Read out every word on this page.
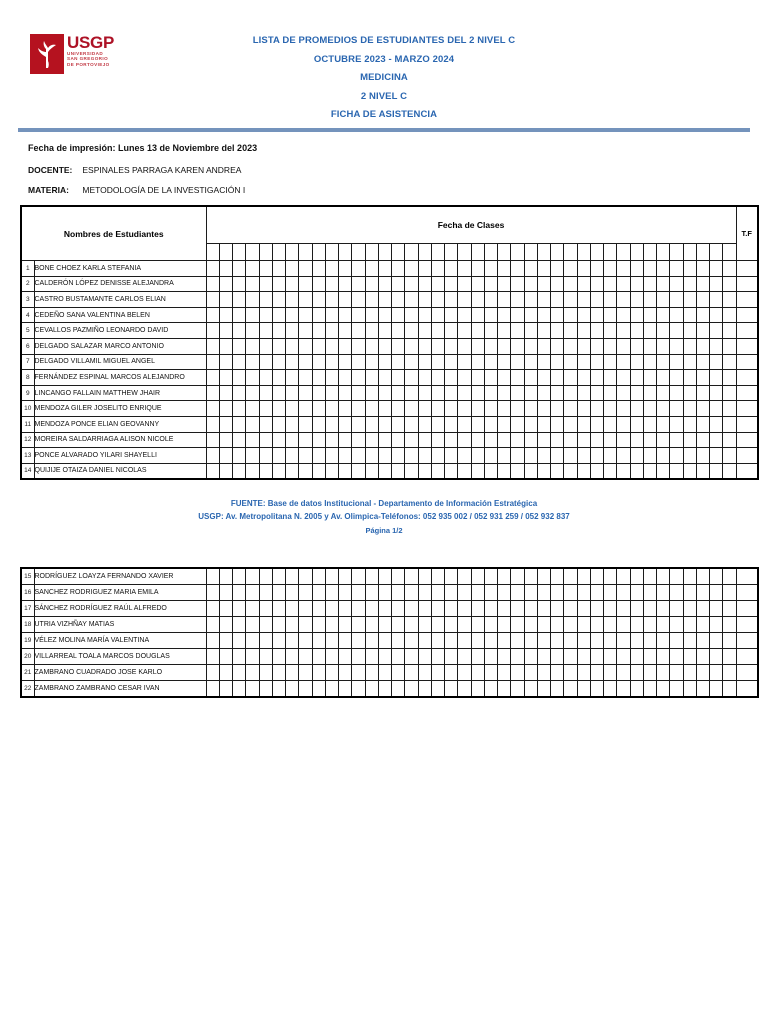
USGP
UNIVERSIDAD
SAN GREGORIO
DE PORTOVIEJO
LISTA DE PROMEDIOS DE ESTUDIANTES DEL 2 NIVEL C
OCTUBRE 2023 - MARZO 2024
MEDICINA
2 NIVEL C
FICHA DE ASISTENCIA
Fecha de impresión: Lunes 13 de Noviembre del 2023
DOCENTE: ESPINALES PARRAGA KAREN ANDREA
MATERIA: METODOLOGÍA DE LA INVESTIGACIÓN I
Nombres de Estudiantes		Fecha de Clases																																								T.F

1	BONE CHOEZ KARLA STEFANIA																																									
2	CALDERÓN LÓPEZ DENISSE ALEJANDRA																																									
3	CASTRO BUSTAMANTE CARLOS ELIAN																																									
4	CEDEÑO SANA VALENTINA BELEN																																									
5	CEVALLOS PAZMIÑO LEONARDO DAVID																																									
6	DELGADO SALAZAR MARCO ANTONIO																																									
7	DELGADO VILLAMIL MIGUEL ANGEL																																									
8	FERNÁNDEZ ESPINAL MARCOS ALEJANDRO																																									
9	LINCANGO FALLAIN MATTHEW JHAIR																																									
10	MENDOZA GILER JOSELITO ENRIQUE																																									
11	MENDOZA PONCE ELIAN GEOVANNY																																									
12	MOREIRA SALDARRIAGA ALISON NICOLE																																									
13	PONCE ALVARADO YILARI SHAYELLI																																									
14	QUIJIJE OTAIZA DANIEL NICOLAS																																									
FUENTE: Base de datos Institucional - Departamento de Información Estratégica
USGP: Av. Metropolitana N. 2005 y Av. Olimpica-Teléfonos: 052 935 002 / 052 931 259 / 052 932 837
Página 1/2
15	RODRÍGUEZ LOAYZA FERNANDO XAVIER																																									
16	SANCHEZ RODRIGUEZ MARIA EMILA																																									
17	SÁNCHEZ RODRÍGUEZ RAÚL ALFREDO																																									
18	UTRIA VIZHÑAY MATIAS																																									
19	VÉLEZ MOLINA MARÍA VALENTINA																																									
20	VILLARREAL TOALA MARCOS DOUGLAS																																									
21	ZAMBRANO CUADRADO JOSE KARLO																																									
22	ZAMBRANO ZAMBRANO CESAR IVAN																																									
